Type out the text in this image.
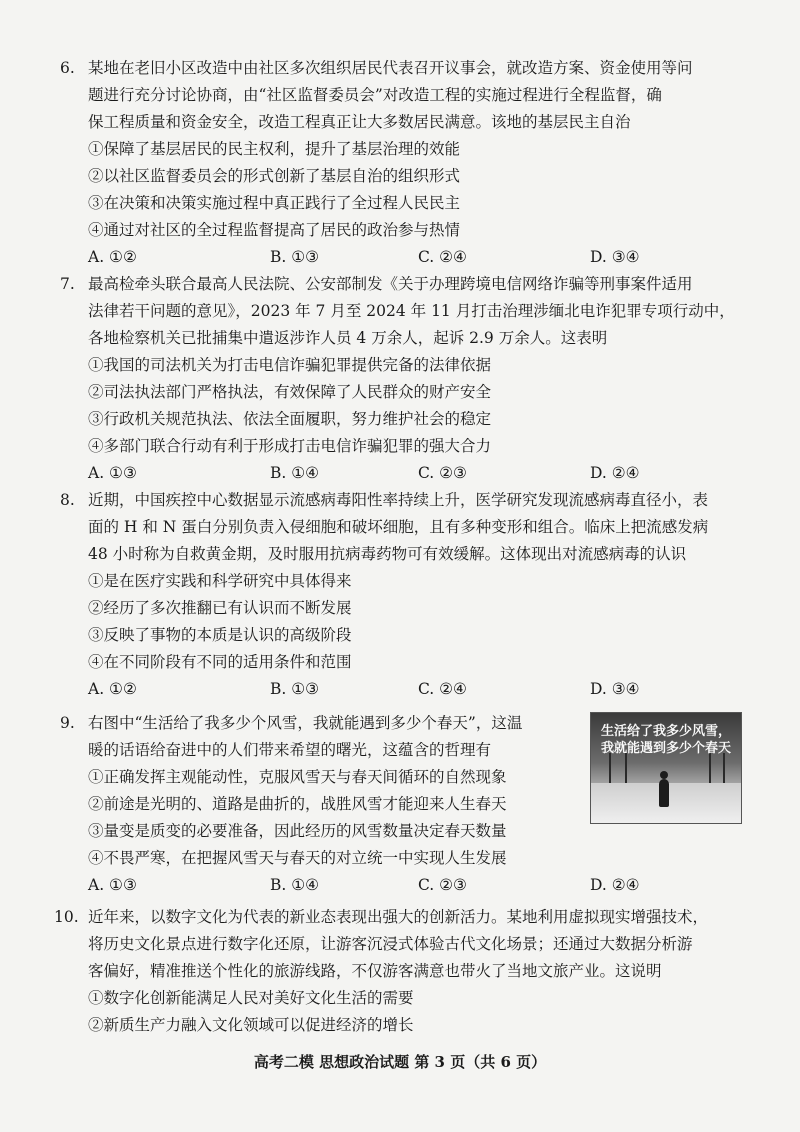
6. 某地在老旧小区改造中由社区多次组织居民代表召开议事会，就改造方案、资金使用等问
题进行充分讨论协商，由“社区监督委员会”对改造工程的实施过程进行全程监督，确
保工程质量和资金安全，改造工程真正让大多数居民满意。该地的基层民主自治
①保障了基层居民的民主权利，提升了基层治理的效能
②以社区监督委员会的形式创新了基层自治的组织形式
③在决策和决策实施过程中真正践行了全过程人民民主
④通过对社区的全过程监督提高了居民的政治参与热情
A. ①②	B. ①③	C. ②④	D. ③④
7. 最高检牵头联合最高人民法院、公安部制发《关于办理跨境电信网络诈骗等刑事案件适用
法律若干问题的意见》，2023 年 7 月至 2024 年 11 月打击治理涉缅北电诈犯罪专项行动中，
各地检察机关已批捕集中遣返涉诈人员 4 万余人，起诉 2.9 万余人。这表明
①我国的司法机关为打击电信诈骗犯罪提供完备的法律依据
②司法执法部门严格执法，有效保障了人民群众的财产安全
③行政机关规范执法、依法全面履职，努力维护社会的稳定
④多部门联合行动有利于形成打击电信诈骗犯罪的强大合力
A. ①③	B. ①④	C. ②③	D. ②④
8. 近期，中国疾控中心数据显示流感病毒阳性率持续上升，医学研究发现流感病毒直径小，表
面的 H 和 N 蛋白分别负责入侵细胞和破坏细胞，且有多种变形和组合。临床上把流感发病
48 小时称为自救黄金期，及时服用抗病毒药物可有效缓解。这体现出对流感病毒的认识
①是在医疗实践和科学研究中具体得来
②经历了多次推翻已有认识而不断发展
③反映了事物的本质是认识的高级阶段
④在不同阶段有不同的适用条件和范围
A. ①②	B. ①③	C. ②④	D. ③④
9. 右图中“生活给了我多少个风雪，我就能遇到多少个春天”，这温
暖的话语给奋进中的人们带来希望的曙光，这蕴含的哲理有
①正确发挥主观能动性，克服风雪天与春天间循环的自然现象
②前途是光明的、道路是曲折的，战胜风雪才能迎来人生春天
③量变是质变的必要准备，因此经历的风雪数量决定春天数量
④不畏严寒，在把握风雪天与春天的对立统一中实现人生发展
A. ①③	B. ①④	C. ②③	D. ②④
生活给了我多少风雪，我就能遇到多少个春天
10. 近年来，以数字文化为代表的新业态表现出强大的创新活力。某地利用虚拟现实增强技术，
将历史文化景点进行数字化还原，让游客沉浸式体验古代文化场景；还通过大数据分析游
客偏好，精准推送个性化的旅游线路，不仅游客满意也带火了当地文旅产业。这说明
①数字化创新能满足人民对美好文化生活的需要
②新质生产力融入文化领域可以促进经济的增长
高考二模 思想政治试题 第 3 页（共 6 页）
